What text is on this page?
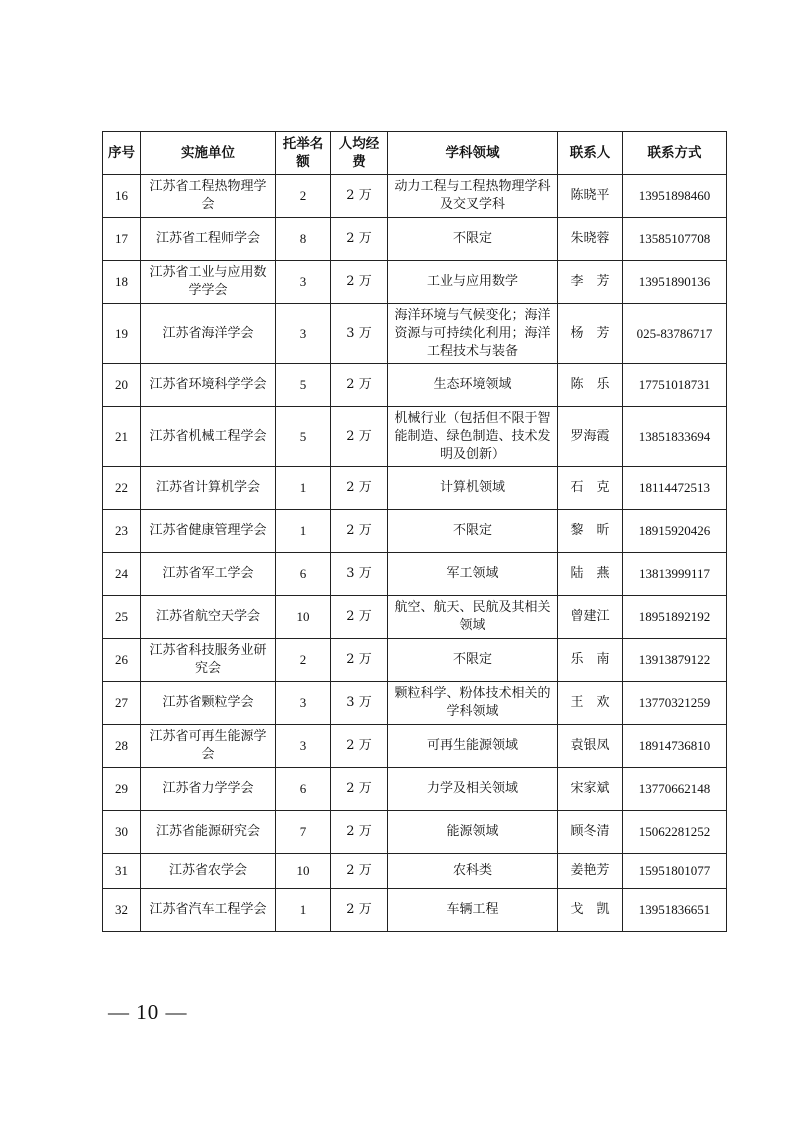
序号	实施单位	托举名额	人均经费	学科领域	联系人	联系方式
16	江苏省工程热物理学会	2	2 万	动力工程与工程热物理学科及交叉学科	陈晓平	13951898460
17	江苏省工程师学会	8	2 万	不限定	朱晓蓉	13585107708
18	江苏省工业与应用数学学会	3	2 万	工业与应用数学	李　芳	13951890136
19	江苏省海洋学会	3	3 万	海洋环境与气候变化；海洋资源与可持续化利用；海洋工程技术与装备	杨　芳	025-83786717
20	江苏省环境科学学会	5	2 万	生态环境领域	陈　乐	17751018731
21	江苏省机械工程学会	5	2 万	机械行业（包括但不限于智能制造、绿色制造、技术发明及创新）	罗海霞	13851833694
22	江苏省计算机学会	1	2 万	计算机领域	石　克	18114472513
23	江苏省健康管理学会	1	2 万	不限定	黎　昕	18915920426
24	江苏省军工学会	6	3 万	军工领域	陆　燕	13813999117
25	江苏省航空天学会	10	2 万	航空、航天、民航及其相关领域	曾建江	18951892192
26	江苏省科技服务业研究会	2	2 万	不限定	乐　南	13913879122
27	江苏省颗粒学会	3	3 万	颗粒科学、粉体技术相关的学科领域	王　欢	13770321259
28	江苏省可再生能源学会	3	2 万	可再生能源领域	袁银凤	18914736810
29	江苏省力学学会	6	2 万	力学及相关领域	宋家斌	13770662148
30	江苏省能源研究会	7	2 万	能源领域	顾冬清	15062281252
31	江苏省农学会	10	2 万	农科类	姜艳芳	15951801077
32	江苏省汽车工程学会	1	2 万	车辆工程	戈　凯	13951836651
— 10 —
